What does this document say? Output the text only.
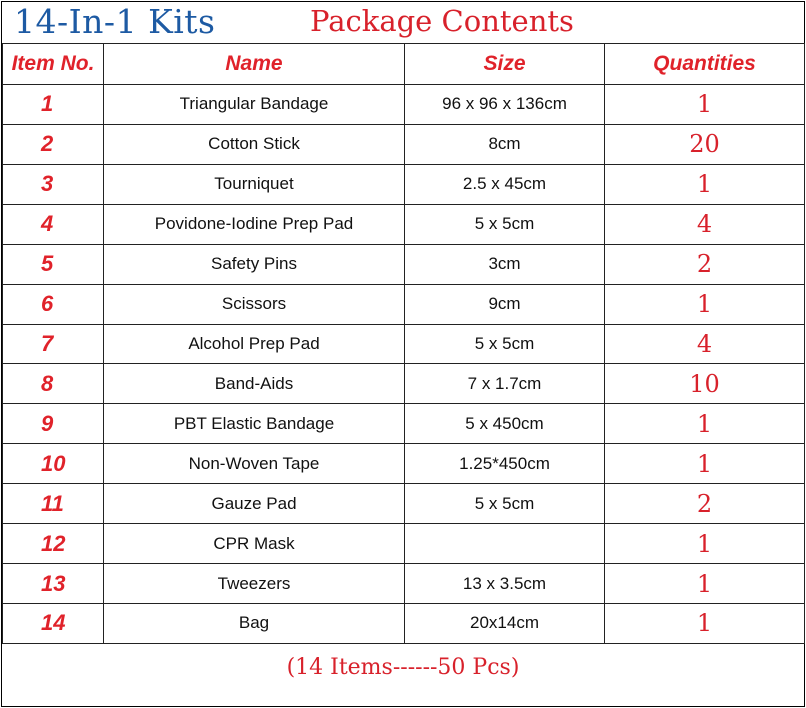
14-In-1 Kits	Package Contents
Item No.	Name	Size	Quantities
1	Triangular Bandage	96 x 96 x 136cm	1
2	Cotton Stick	8cm	20
3	Tourniquet	2.5 x 45cm	1
4	Povidone-Iodine Prep Pad	5 x 5cm	4
5	Safety Pins	3cm	2
6	Scissors	9cm	1
7	Alcohol Prep Pad	5 x 5cm	4
8	Band-Aids	7 x 1.7cm	10
9	PBT Elastic Bandage	5 x 450cm	1
10	Non-Woven Tape	1.25*450cm	1
11	Gauze Pad	5 x 5cm	2
12	CPR Mask		1
13	Tweezers	13 x 3.5cm	1
14	Bag	20x14cm	1
(14 Items------50 Pcs)
